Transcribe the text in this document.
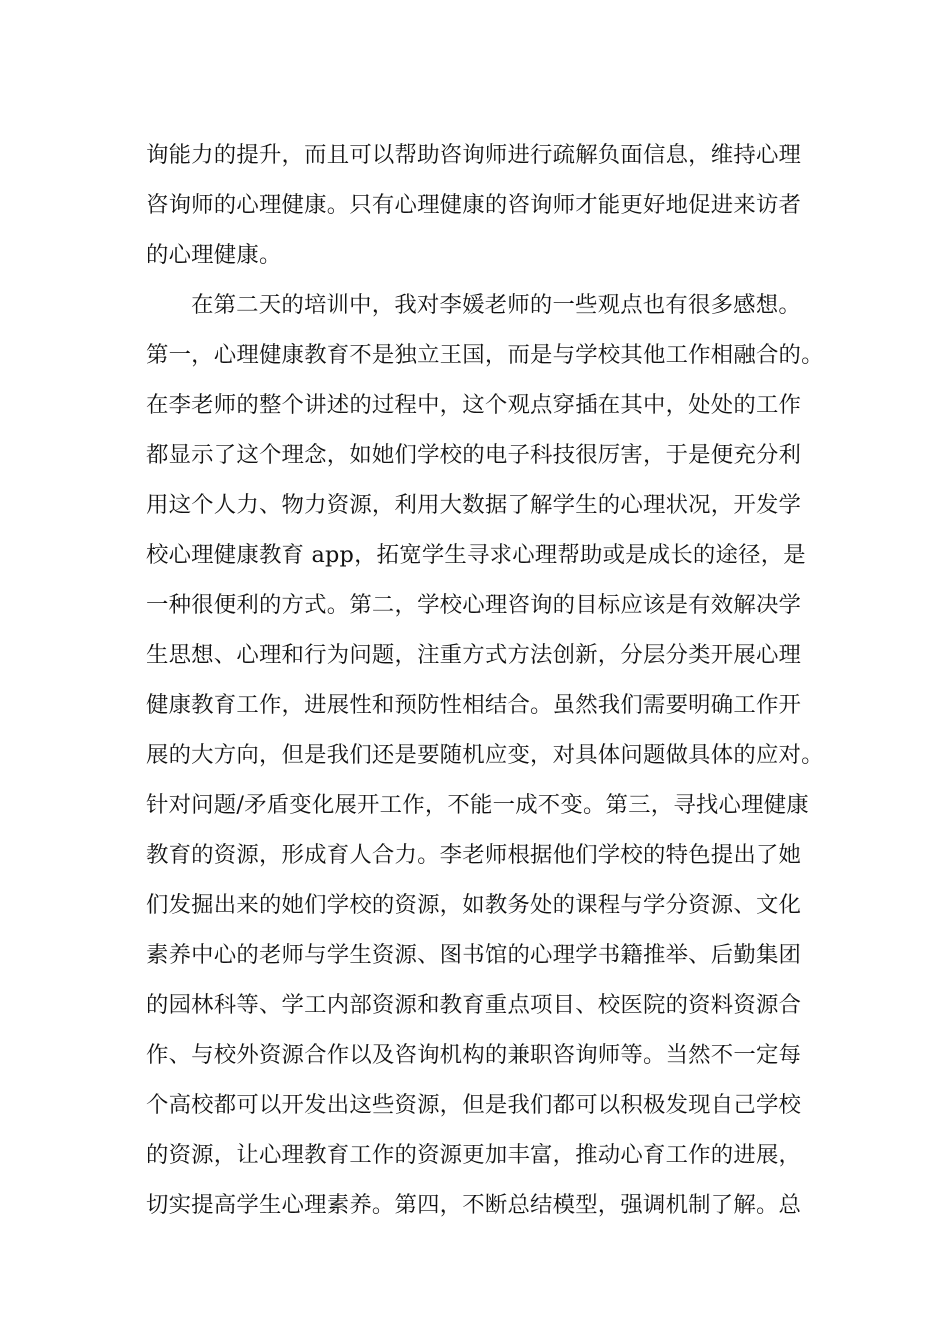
询能力的提升，而且可以帮助咨询师进行疏解负面信息，维持心理
咨询师的心理健康。只有心理健康的咨询师才能更好地促进来访者
的心理健康。
在第二天的培训中，我对李媛老师的一些观点也有很多感想。
第一，心理健康教育不是独立王国，而是与学校其他工作相融合的。
在李老师的整个讲述的过程中，这个观点穿插在其中，处处的工作
都显示了这个理念，如她们学校的电子科技很厉害，于是便充分利
用这个人力、物力资源，利用大数据了解学生的心理状况，开发学
校心理健康教育 app，拓宽学生寻求心理帮助或是成长的途径，是
一种很便利的方式。第二，学校心理咨询的目标应该是有效解决学
生思想、心理和行为问题，注重方式方法创新，分层分类开展心理
健康教育工作，进展性和预防性相结合。虽然我们需要明确工作开
展的大方向，但是我们还是要随机应变，对具体问题做具体的应对。
针对问题/矛盾变化展开工作，不能一成不变。第三，寻找心理健康
教育的资源，形成育人合力。李老师根据他们学校的特色提出了她
们发掘出来的她们学校的资源，如教务处的课程与学分资源、文化
素养中心的老师与学生资源、图书馆的心理学书籍推举、后勤集团
的园林科等、学工内部资源和教育重点项目、校医院的资料资源合
作、与校外资源合作以及咨询机构的兼职咨询师等。当然不一定每
个高校都可以开发出这些资源，但是我们都可以积极发现自己学校
的资源，让心理教育工作的资源更加丰富，推动心育工作的进展，
切实提高学生心理素养。第四，不断总结模型，强调机制了解。总
